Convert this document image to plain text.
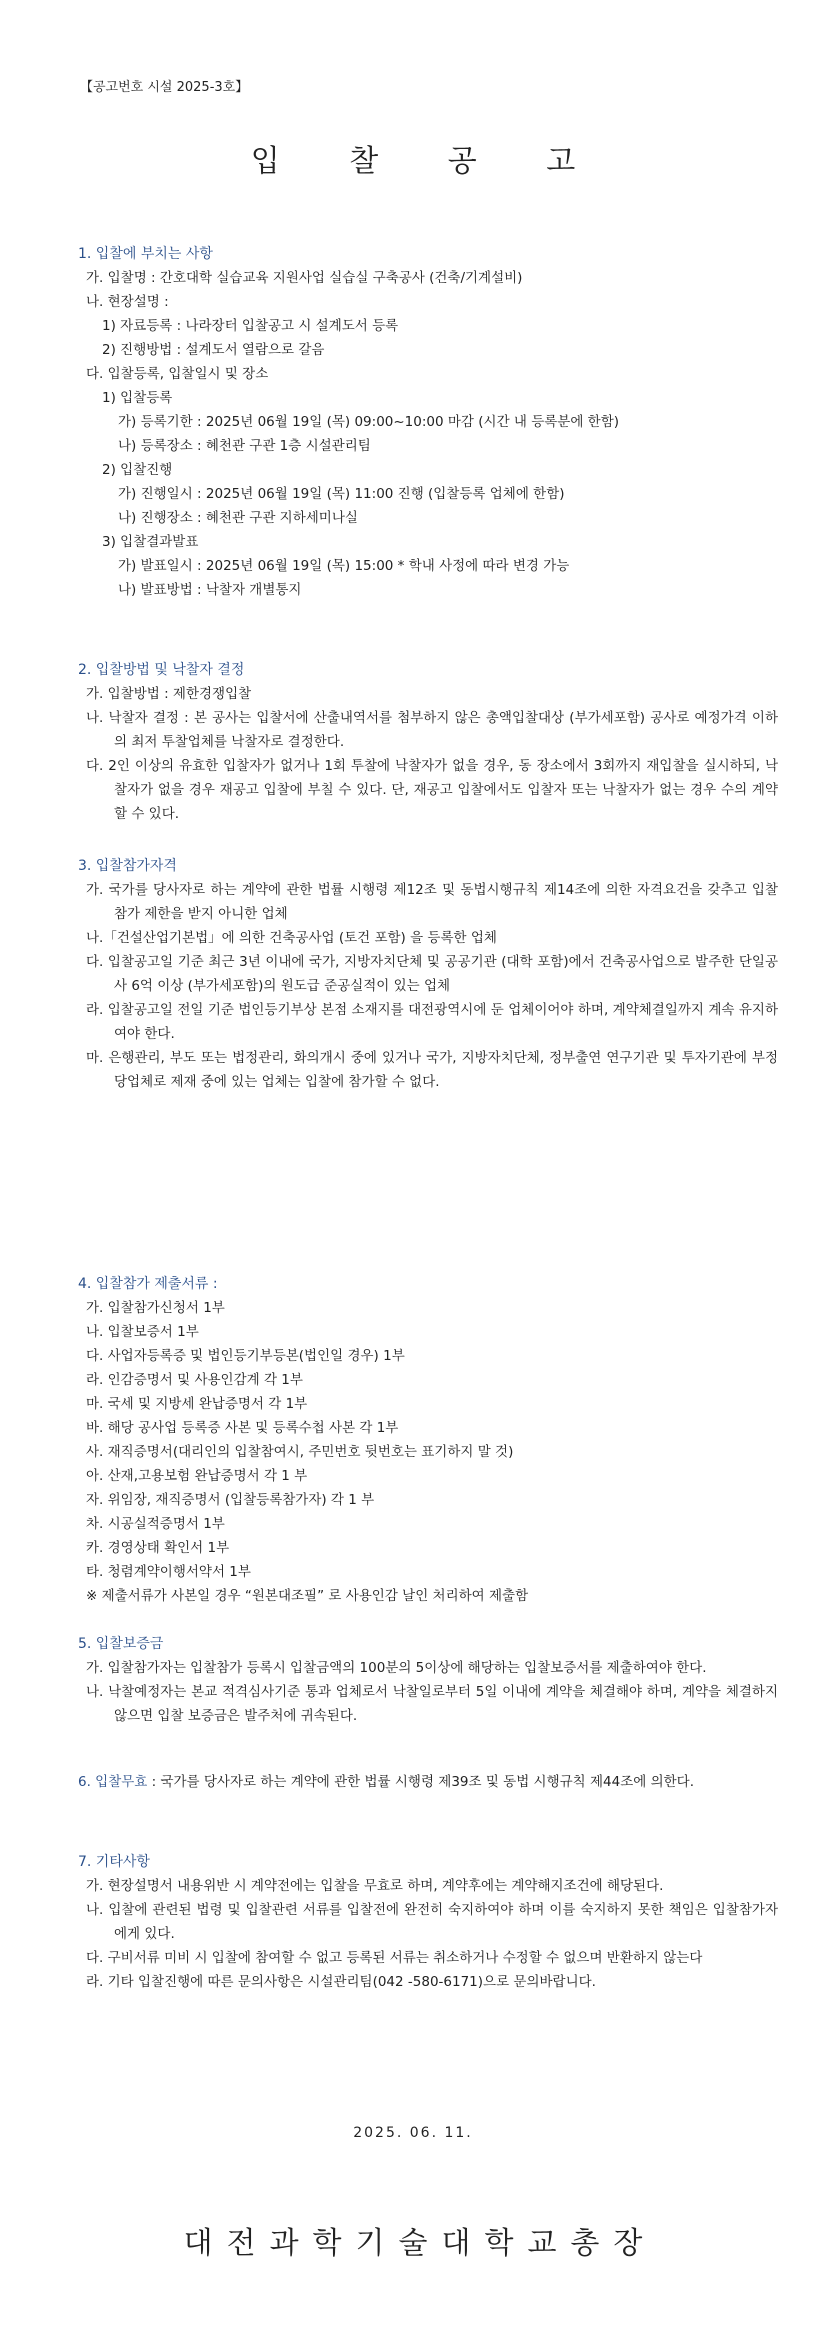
【공고번호 시설 2025-3호】
입 찰 공 고

1. 입찰에 부치는 사항

가. 입찰명 : 간호대학 실습교육 지원사업 실습실 구축공사 (건축/기계설비)

나. 현장설명 :

1) 자료등록 : 나라장터 입찰공고 시 설계도서 등록

2) 진행방법 : 설계도서 열람으로 갈음

다. 입찰등록, 입찰일시 및 장소

1) 입찰등록

가) 등록기한 : 2025년 06월 19일 (목) 09:00~10:00 마감 (시간 내 등록분에 한함)

나) 등록장소 : 혜천관 구관 1층 시설관리팀

2) 입찰진행

가) 진행일시 : 2025년 06월 19일 (목) 11:00 진행 (입찰등록 업체에 한함)

나) 진행장소 : 혜천관 구관 지하세미나실

3) 입찰결과발표

가) 발표일시 : 2025년 06월 19일 (목) 15:00 * 학내 사정에 따라 변경 가능

나) 발표방법 : 낙찰자 개별통지

2. 입찰방법 및 낙찰자 결정

가. 입찰방법 : 제한경쟁입찰

나. 낙찰자 결정 : 본 공사는 입찰서에 산출내역서를 첨부하지 않은 총액입찰대상 (부가세포함) 공사로 예정가격 이하의 최저 투찰업체를 낙찰자로 결정한다.

다. 2인 이상의 유효한 입찰자가 없거나 1회 투찰에 낙찰자가 없을 경우, 동 장소에서 3회까지 재입찰을 실시하되, 낙찰자가 없을 경우 재공고 입찰에 부칠 수 있다. 단, 재공고 입찰에서도 입찰자 또는 낙찰자가 없는 경우 수의 계약할 수 있다.

3. 입찰참가자격

가. 국가를 당사자로 하는 계약에 관한 법률 시행령 제12조 및 동법시행규칙 제14조에 의한 자격요건을 갖추고 입찰 참가 제한을 받지 아니한 업체

나.「건설산업기본법」에 의한 건축공사업 (토건 포함) 을 등록한 업체

다. 입찰공고일 기준 최근 3년 이내에 국가, 지방자치단체 및 공공기관 (대학 포함)에서 건축공사업으로 발주한 단일공사 6억 이상 (부가세포함)의 원도급 준공실적이 있는 업체

라. 입찰공고일 전일 기준 법인등기부상 본점 소재지를 대전광역시에 둔 업체이어야 하며, 계약체결일까지 계속 유지하여야 한다.

마. 은행관리, 부도 또는 법정관리, 화의개시 중에 있거나 국가, 지방자치단체, 정부출연 연구기관 및 투자기관에 부정당업체로 제재 중에 있는 업체는 입찰에 참가할 수 없다.

4. 입찰참가 제출서류 :

가. 입찰참가신청서 1부

나. 입찰보증서 1부

다. 사업자등록증 및 법인등기부등본(법인일 경우) 1부

라. 인감증명서 및 사용인감계 각 1부

마. 국세 및 지방세 완납증명서 각 1부

바. 해당 공사업 등록증 사본 및 등록수첩 사본 각 1부

사. 재직증명서(대리인의 입찰참여시, 주민번호 뒷번호는 표기하지 말 것)

아. 산재,고용보험 완납증명서 각 1 부

자. 위임장, 재직증명서 (입찰등록참가자) 각 1 부

차. 시공실적증명서 1부

카. 경영상태 확인서 1부

타. 청렴계약이행서약서 1부

※ 제출서류가 사본일 경우 “원본대조필” 로 사용인감 날인 처리하여 제출함

5. 입찰보증금

가. 입찰참가자는 입찰참가 등록시 입찰금액의 100분의 5이상에 해당하는 입찰보증서를 제출하여야 한다.

나. 낙찰예정자는 본교 적격심사기준 통과 업체로서 낙찰일로부터 5일 이내에 계약을 체결해야 하며, 계약을 체결하지 않으면 입찰 보증금은 발주처에 귀속된다.

6. 입찰무효 : 국가를 당사자로 하는 계약에 관한 법률 시행령 제39조 및 동법 시행규칙 제44조에 의한다.

7. 기타사항

가. 현장설명서 내용위반 시 계약전에는 입찰을 무효로 하며, 계약후에는 계약해지조건에 해당된다.

나. 입찰에 관련된 법령 및 입찰관련 서류를 입찰전에 완전히 숙지하여야 하며 이를 숙지하지 못한 책임은 입찰참가자에게 있다.

다. 구비서류 미비 시 입찰에 참여할 수 없고 등록된 서류는 취소하거나 수정할 수 없으며 반환하지 않는다

라. 기타 입찰진행에 따른 문의사항은 시설관리팀(042 -580-6171)으로 문의바랍니다.

2025. 06. 11.
대전과학기술대학교총장
